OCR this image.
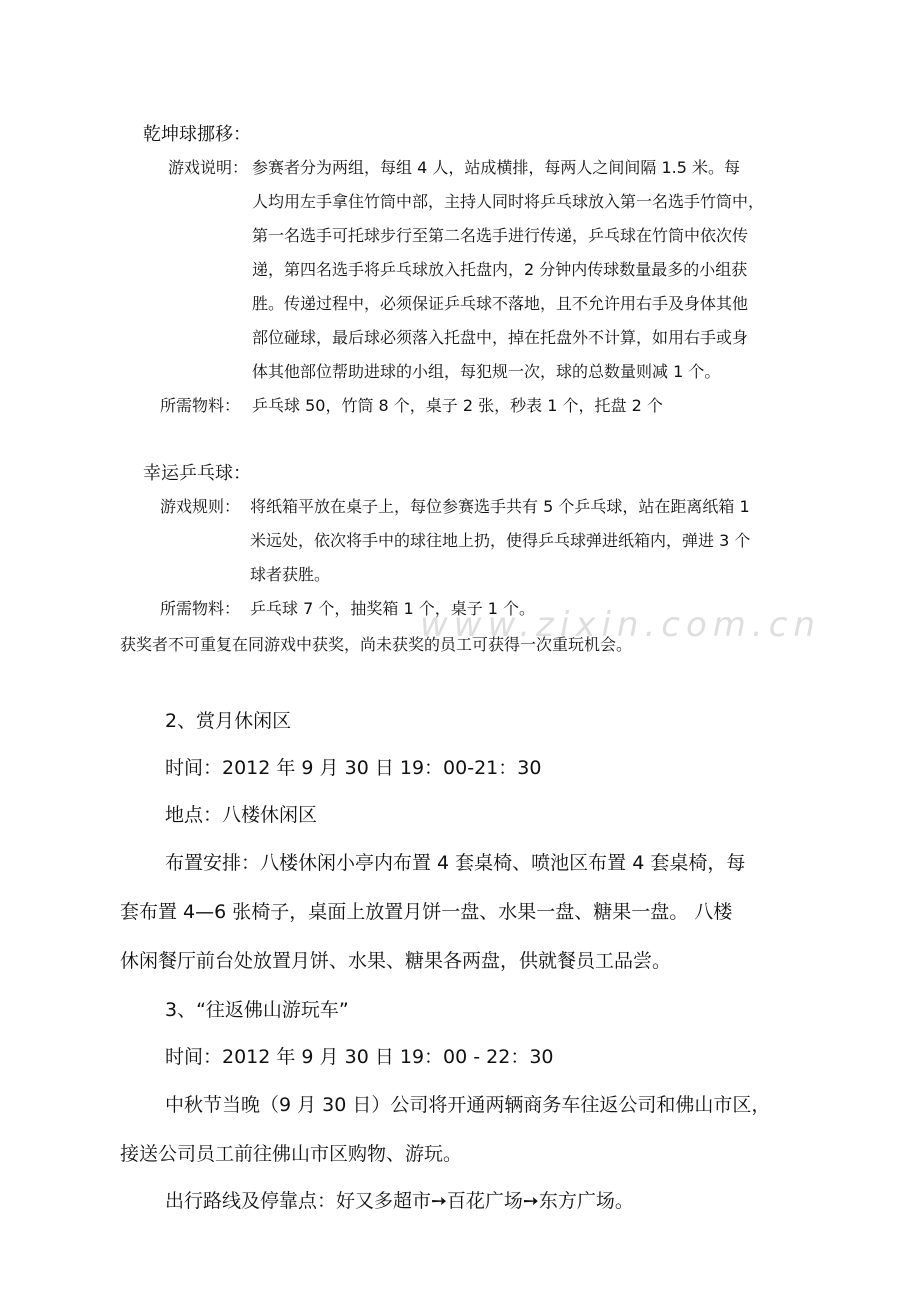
www.zixin.com.cn
乾坤球挪移：
游戏说明： 参赛者分为两组，每组 4 人，站成横排，每两人之间间隔 1.5 米。每
人均用左手拿住竹筒中部，主持人同时将乒乓球放入第一名选手竹筒中，
第一名选手可托球步行至第二名选手进行传递，乒乓球在竹筒中依次传
递，第四名选手将乒乓球放入托盘内，2 分钟内传球数量最多的小组获
胜。传递过程中，必须保证乒乓球不落地，且不允许用右手及身体其他
部位碰球，最后球必须落入托盘中，掉在托盘外不计算，如用右手或身
体其他部位帮助进球的小组，每犯规一次，球的总数量则减 1 个。
所需物料： 乒乓球 50，竹筒 8 个，桌子 2 张，秒表 1 个，托盘 2 个
幸运乒乓球：
游戏规则： 将纸箱平放在桌子上，每位参赛选手共有 5 个乒乓球，站在距离纸箱 1
米远处，依次将手中的球往地上扔，使得乒乓球弹进纸箱内，弹进 3 个
球者获胜。
所需物料： 乒乓球 7 个，抽奖箱 1 个，桌子 1 个。
获奖者不可重复在同游戏中获奖，尚未获奖的员工可获得一次重玩机会。
2、赏月休闲区
时间：2012 年 9 月 30 日 19：00-21：30
地点：八楼休闲区
布置安排：八楼休闲小亭内布置 4 套桌椅、喷池区布置 4 套桌椅，每
套布置 4—6 张椅子，桌面上放置月饼一盘、水果一盘、糖果一盘。 八楼
休闲餐厅前台处放置月饼、水果、糖果各两盘，供就餐员工品尝。
3、“往返佛山游玩车”
时间：2012 年 9 月 30 日 19：00 - 22：30
中秋节当晚（9 月 30 日）公司将开通两辆商务车往返公司和佛山市区，
接送公司员工前往佛山市区购物、游玩。
出行路线及停靠点：好又多超市➙百花广场➙东方广场。
